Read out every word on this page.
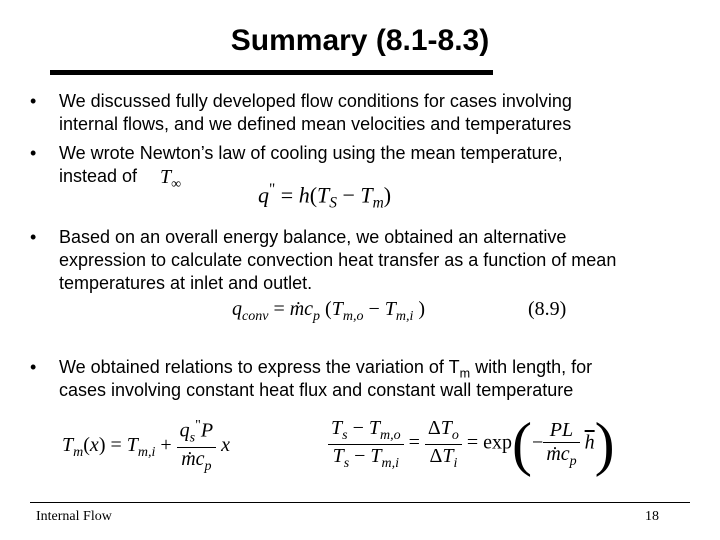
Summary (8.1-8.3)
• We discussed fully developed flow conditions for cases involving
internal flows, and we defined mean velocities and temperatures
• We wrote Newton’s law of cooling using the mean temperature,
instead of $T_\infty$	$q^" = h(T_S - T_m)$
• Based on an overall energy balance, we obtained an alternative
expression to calculate convection heat transfer as a function of mean
temperatures at inlet and outlet.
$q_{conv}$ = ṁc$_p$ ($T_{m,o} - T_{m,i}$ )	(8.9)
• We obtained relations to express the variation of $T_m$ with length, for
cases involving constant heat flux and constant wall temperature
$T_m(x) = T_{m,i} + \frac{q_s^"P}{ṁc_p}$ x	$\frac{T_s - T_{m,o}}{T_s - T_{m,i}} = \frac{\Delta T_o}{\Delta T_i} = \exp(- \frac{PL}{ṁc_p} \overline{h})$
Internal Flow	18
